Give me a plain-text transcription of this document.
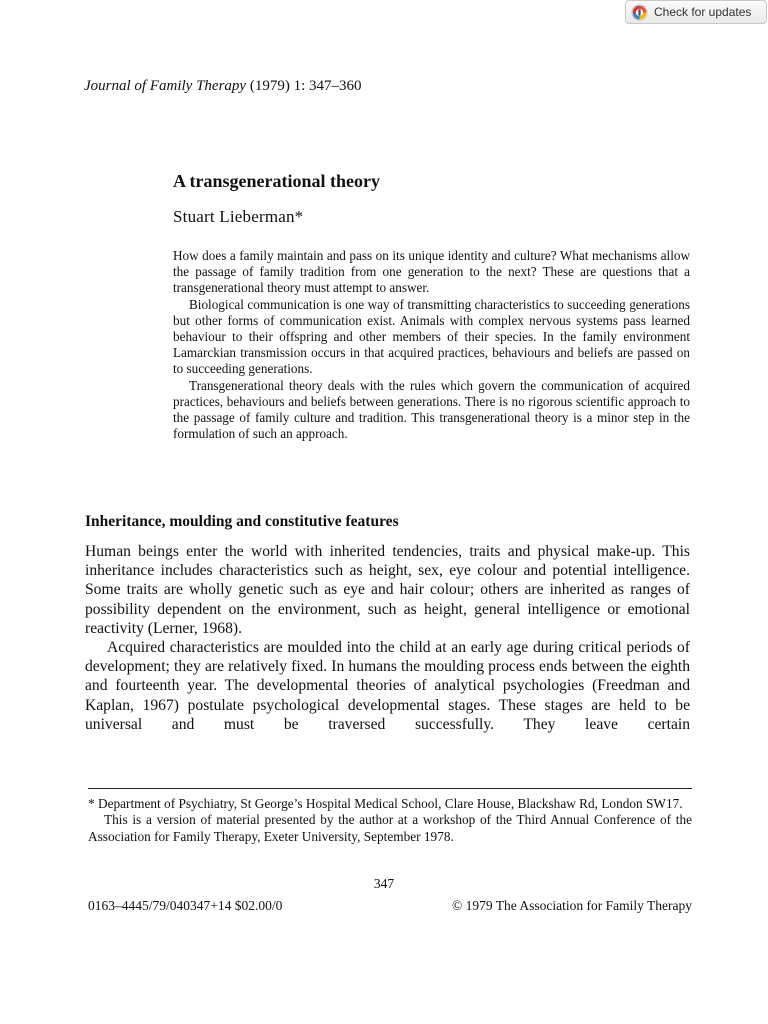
Check for updates
Journal of Family Therapy (1979) 1: 347–360
A transgenerational theory
Stuart Lieberman*

How does a family maintain and pass on its unique identity and culture? What mechanisms allow the passage of family tradition from one generation to the next? These are questions that a transgenerational theory must attempt to answer.

Biological communication is one way of transmitting characteristics to succeeding generations but other forms of communication exist. Animals with complex nervous systems pass learned behaviour to their offspring and other members of their species. In the family environment Lamarckian transmission occurs in that acquired practices, behaviours and beliefs are passed on to succeeding generations.

Transgenerational theory deals with the rules which govern the communication of acquired practices, behaviours and beliefs between generations. There is no rigorous scientific approach to the passage of family culture and tradition. This transgenerational theory is a minor step in the formulation of such an approach.

Inheritance, moulding and constitutive features

Human beings enter the world with inherited tendencies, traits and physical make-up. This inheritance includes characteristics such as height, sex, eye colour and potential intelligence. Some traits are wholly genetic such as eye and hair colour; others are inherited as ranges of possibility dependent on the environment, such as height, general intelligence or emotional reactivity (Lerner, 1968).

Acquired characteristics are moulded into the child at an early age during critical periods of development; they are relatively fixed. In humans the moulding process ends between the eighth and fourteenth year. The developmental theories of analytical psychologies (Freedman and Kaplan, 1967) postulate psychological developmental stages. These stages are held to be universal and must be traversed successfully. They leave certain

* Department of Psychiatry, St George’s Hospital Medical School, Clare House, Blackshaw Rd, London SW17.

This is a version of material presented by the author at a workshop of the Third Annual Conference of the Association for Family Therapy, Exeter University, September 1978.

347
0163–4445/79/040347+14 $02.00/0	© 1979 The Association for Family Therapy
